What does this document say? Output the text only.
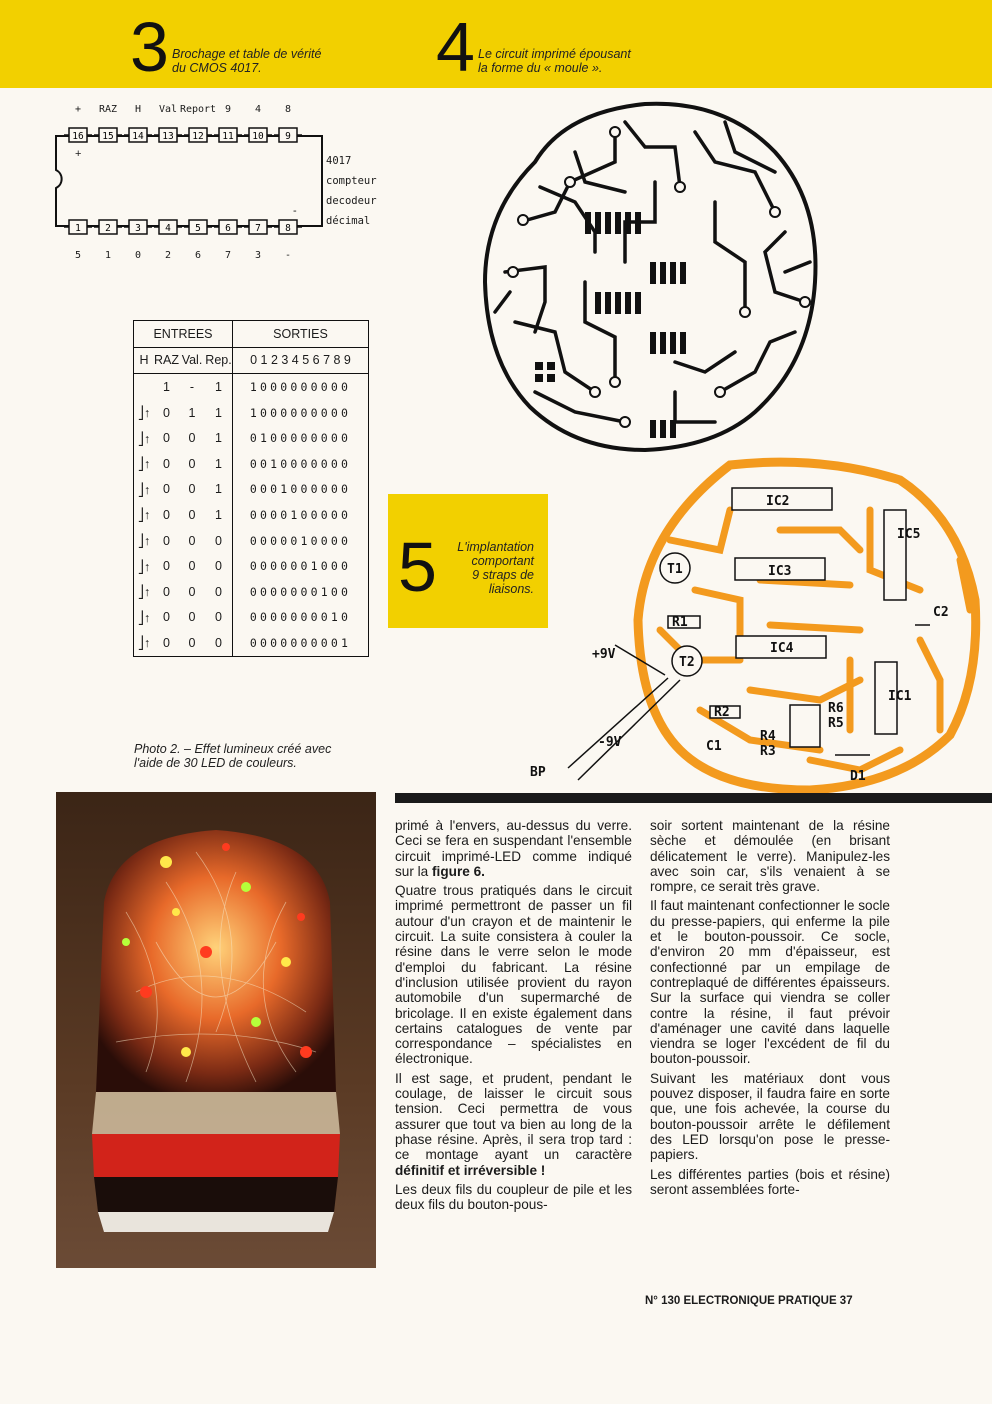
3 Brochage et table de vérité
du CMOS 4017.	4 Le circuit imprimé épousant
la forme du « moule ».
+	RAZ	H	Val Report 9	4	8
16
1
15
2
14
3
13
4
12
5
11
6
10
7
9
8
+
-
5	1	0	2	6	7	3	-
4017
compteur
decodeur
décimal
ENTREES				SORTIES
H	RAZ	Val.	Rep.	0 1 2 3 4 5 6 7 8 9
	1	-	1	1000000000
⎦↑	0	1	1	1000000000
⎦↑	0	0	1	0100000000
⎦↑	0	0	1	0010000000
⎦↑	0	0	1	0001000000
⎦↑	0	0	1	0000100000
⎦↑	0	0	0	0000010000
⎦↑	0	0	0	0000001000
⎦↑	0	0	0	0000000100
⎦↑	0	0	0	0000000010
⎦↑	0	0	0	0000000001
5	L'implantation
comportant
9 straps de
liaisons.
IC2
IC3
IC4
IC5
IC1
T1
T2
R1
R2
R3
R4
R5
R6
C1
C2
D1
+9V
-9V
BP
Photo 2. – Effet lumineux créé avec
l'aide de 30 LED de couleurs.

primé à l'envers, au-dessus du verre. Ceci se fera en suspendant l'ensemble circuit imprimé-LED comme indiqué sur la figure 6.

Quatre trous pratiqués dans le circuit imprimé permettront de passer un fil autour d'un crayon et de maintenir le circuit. La suite consistera à couler la résine dans le verre selon le mode d'emploi du fabricant. La résine d'inclusion utilisée provient du rayon automobile d'un supermarché de bricolage. Il en existe également dans certains catalogues de vente par correspondance – spécialistes en électronique.

Il est sage, et prudent, pendant le coulage, de laisser le circuit sous tension. Ceci permettra de vous assurer que tout va bien au long de la phase résine. Après, il sera trop tard : ce montage ayant un caractère définitif et irréversible !

Les deux fils du coupleur de pile et les deux fils du bouton-pous-

soir sortent maintenant de la résine sèche et démoulée (en brisant délicatement le verre). Manipulez-les avec soin car, s'ils venaient à se rompre, ce serait très grave.

Il faut maintenant confectionner le socle du presse-papiers, qui enferme la pile et le bouton-poussoir. Ce socle, d'environ 20 mm d'épaisseur, est confectionné par un empilage de contreplaqué de différentes épaisseurs. Sur la surface qui viendra se coller contre la résine, il faut prévoir d'aménager une cavité dans laquelle viendra se loger l'excédent de fil du bouton-poussoir.

Suivant les matériaux dont vous pouvez disposer, il faudra faire en sorte que, une fois achevée, la course du bouton-poussoir arrête le défilement des LED lorsqu'on pose le presse-papiers.

Les différentes parties (bois et résine) seront assemblées forte-

N° 130 ELECTRONIQUE PRATIQUE 37
